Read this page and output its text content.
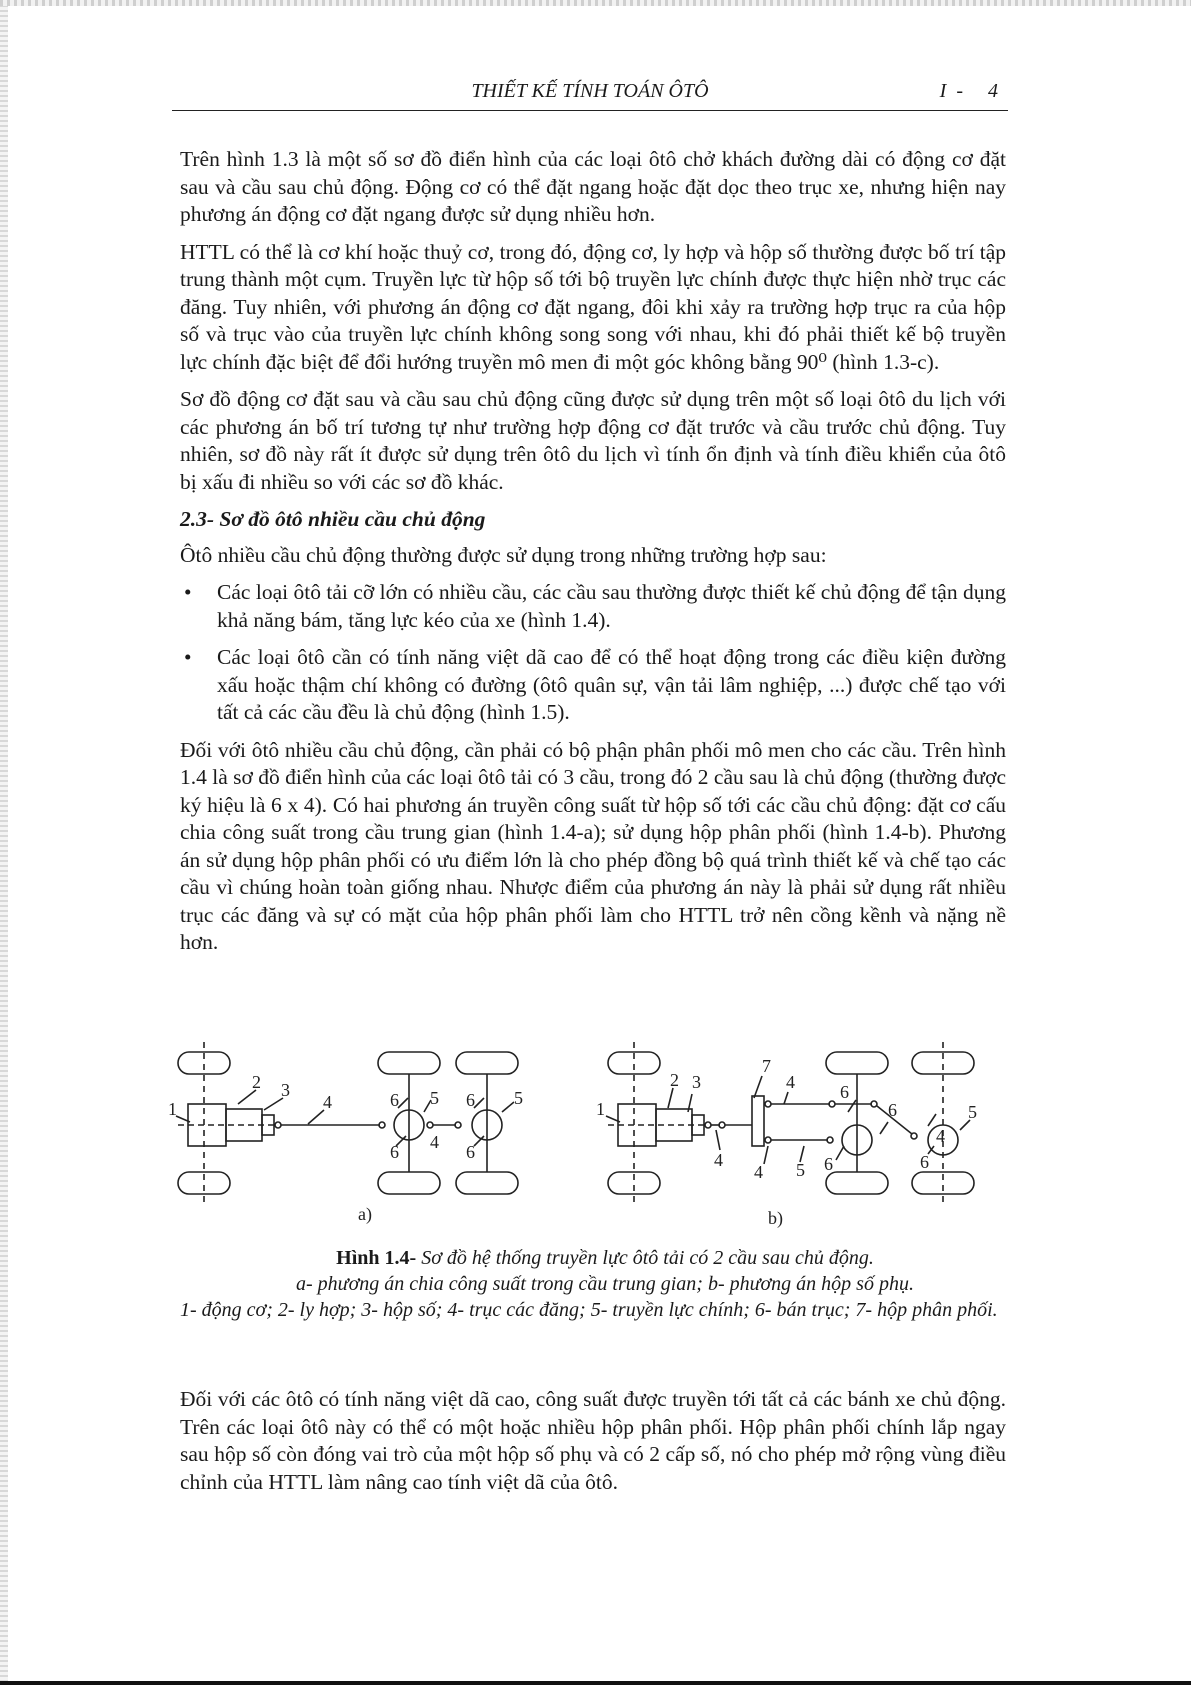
THIẾT KẾ TÍNH TOÁN ÔTÔ	I- 4

Trên hình 1.3 là một số sơ đồ điển hình của các loại ôtô chở khách đường dài có động cơ đặt sau và cầu sau chủ động. Động cơ có thể đặt ngang hoặc đặt dọc theo trục xe, nhưng hiện nay phương án động cơ đặt ngang được sử dụng nhiều hơn.

HTTL có thể là cơ khí hoặc thuỷ cơ, trong đó, động cơ, ly hợp và hộp số thường được bố trí tập trung thành một cụm. Truyền lực từ hộp số tới bộ truyền lực chính được thực hiện nhờ trục các đăng. Tuy nhiên, với phương án động cơ đặt ngang, đôi khi xảy ra trường hợp trục ra của hộp số và trục vào của truyền lực chính không song song với nhau, khi đó phải thiết kế bộ truyền lực chính đặc biệt để đổi hướng truyền mô men đi một góc không bằng 90⁰ (hình 1.3-c).

Sơ đồ động cơ đặt sau và cầu sau chủ động cũng được sử dụng trên một số loại ôtô du lịch với các phương án bố trí tương tự như trường hợp động cơ đặt trước và cầu trước chủ động. Tuy nhiên, sơ đồ này rất ít được sử dụng trên ôtô du lịch vì tính ổn định và tính điều khiển của ôtô bị xấu đi nhiều so với các sơ đồ khác.

2.3- Sơ đồ ôtô nhiều cầu chủ động

Ôtô nhiều cầu chủ động thường được sử dụng trong những trường hợp sau:

• Các loại ôtô tải cỡ lớn có nhiều cầu, các cầu sau thường được thiết kế chủ động để tận dụng khả năng bám, tăng lực kéo của xe (hình 1.4).
• Các loại ôtô cần có tính năng việt dã cao để có thể hoạt động trong các điều kiện đường xấu hoặc thậm chí không có đường (ôtô quân sự, vận tải lâm nghiệp, ...) được chế tạo với tất cả các cầu đều là chủ động (hình 1.5).

Đối với ôtô nhiều cầu chủ động, cần phải có bộ phận phân phối mô men cho các cầu. Trên hình 1.4 là sơ đồ điển hình của các loại ôtô tải có 3 cầu, trong đó 2 cầu sau là chủ động (thường được ký hiệu là 6 x 4). Có hai phương án truyền công suất từ hộp số tới các cầu chủ động: đặt cơ cấu chia công suất trong cầu trung gian (hình 1.4-a); sử dụng hộp phân phối (hình 1.4-b). Phương án sử dụng hộp phân phối có ưu điểm lớn là cho phép đồng bộ quá trình thiết kế và chế tạo các cầu vì chúng hoàn toàn giống nhau. Nhược điểm của phương án này là phải sử dụng rất nhiều trục các đăng và sự có mặt của hộp phân phối làm cho HTTL trở nên cồng kềnh và nặng nề hơn.

1
2 3
4	6 5 6 5
6 4 6
a)
1
2 3
7
4	6
6	5
4
4 5 6
4
6
b)
Hình 1.4- Sơ đồ hệ thống truyền lực ôtô tải có 2 cầu sau chủ động.
a- phương án chia công suất trong cầu trung gian; b- phương án hộp số phụ.
1- động cơ; 2- ly hợp; 3- hộp số; 4- trục các đăng; 5- truyền lực chính; 6- bán trục; 7- hộp phân phối.

Đối với các ôtô có tính năng việt dã cao, công suất được truyền tới tất cả các bánh xe chủ động. Trên các loại ôtô này có thể có một hoặc nhiều hộp phân phối. Hộp phân phối chính lắp ngay sau hộp số còn đóng vai trò của một hộp số phụ và có 2 cấp số, nó cho phép mở rộng vùng điều chỉnh của HTTL làm nâng cao tính việt dã của ôtô.
